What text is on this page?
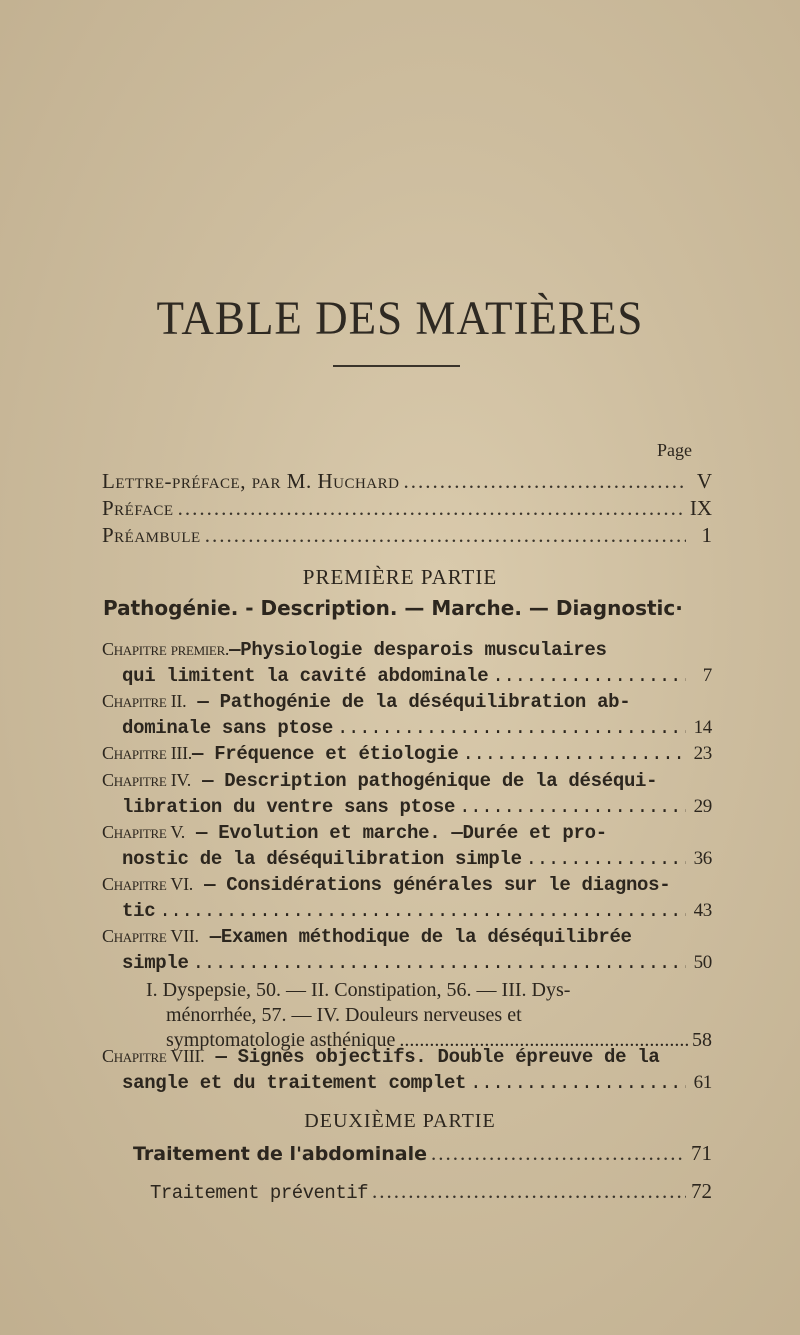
TABLE DES MATIÈRES
Page
Lettre-préface, par M. Huchard .....	V
Préface .....	IX
Préambule .....	1
PREMIÈRE PARTIE
Pathogénie. - Description. — Marche. — Diagnostic·
Chapitre premier.—Physiologie desparois musculaires
qui limitent la cavité abdominale .....	7
Chapitre II. — Pathogénie de la déséquilibration ab-
dominale sans ptose .....	14
Chapitre III. — Fréquence et étiologie .....	23
Chapitre IV. — Description pathogénique de la déséqui-
libration du ventre sans ptose .....	29
Chapitre V. — Evolution et marche. —Durée et pro-
nostic de la déséquilibration simple .....	36
Chapitre VI. — Considérations générales sur le diagnos-
tic .....	43
Chapitre VII. —Examen méthodique de la déséquilibrée
simple .....	50
I. Dyspepsie, 50. — II. Constipation, 56. — III. Dys-
ménorrhée, 57. — IV. Douleurs nerveuses et
symptomatologie asthénique .....	58
Chapitre VIII. — Signes objectifs. Double épreuve de la
sangle et du traitement complet .....	61
DEUXIÈME PARTIE
Traitement de l'abdominale .....	71
Traitement préventif .....	72
